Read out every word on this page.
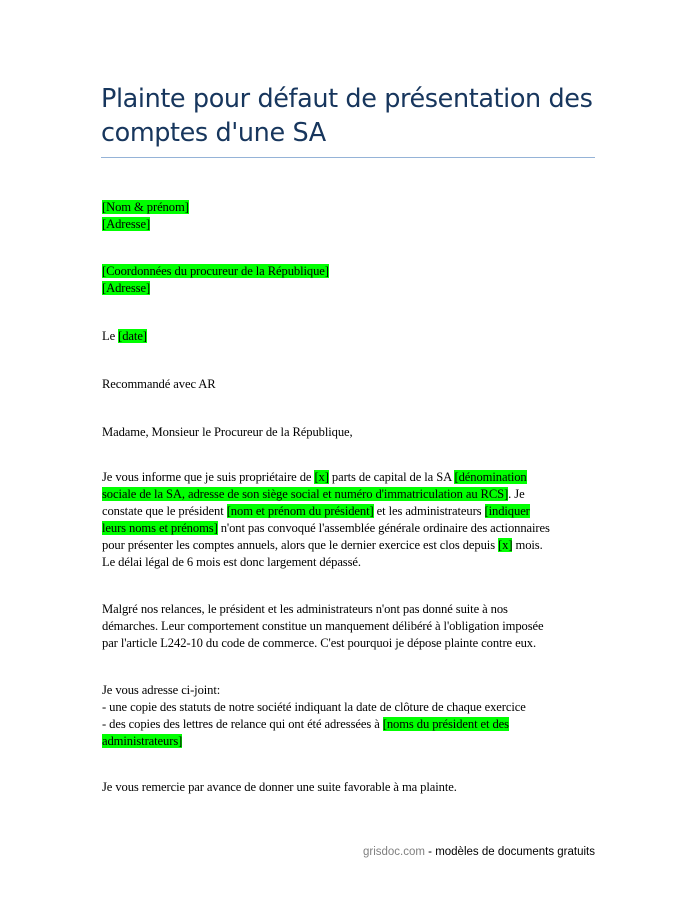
Plainte pour défaut de présentation des
comptes d'une SA
[Nom & prénom]
[Adresse]
[Coordonnées du procureur de la République]
[Adresse]
Le [date]
Recommandé avec AR
Madame, Monsieur le Procureur de la République,
Je vous informe que je suis propriétaire de [x] parts de capital de la SA [dénomination
sociale de la SA, adresse de son siège social et numéro d'immatriculation au RCS]. Je
constate que le président [nom et prénom du président] et les administrateurs [indiquer
leurs noms et prénoms] n'ont pas convoqué l'assemblée générale ordinaire des actionnaires
pour présenter les comptes annuels, alors que le dernier exercice est clos depuis [x] mois.
Le délai légal de 6 mois est donc largement dépassé.
Malgré nos relances, le président et les administrateurs n'ont pas donné suite à nos
démarches. Leur comportement constitue un manquement délibéré à l'obligation imposée
par l'article L242-10 du code de commerce. C'est pourquoi je dépose plainte contre eux.
Je vous adresse ci-joint:
- une copie des statuts de notre société indiquant la date de clôture de chaque exercice
- des copies des lettres de relance qui ont été adressées à [noms du président et des
administrateurs]
Je vous remercie par avance de donner une suite favorable à ma plainte.
grisdoc.com - modèles de documents gratuits
